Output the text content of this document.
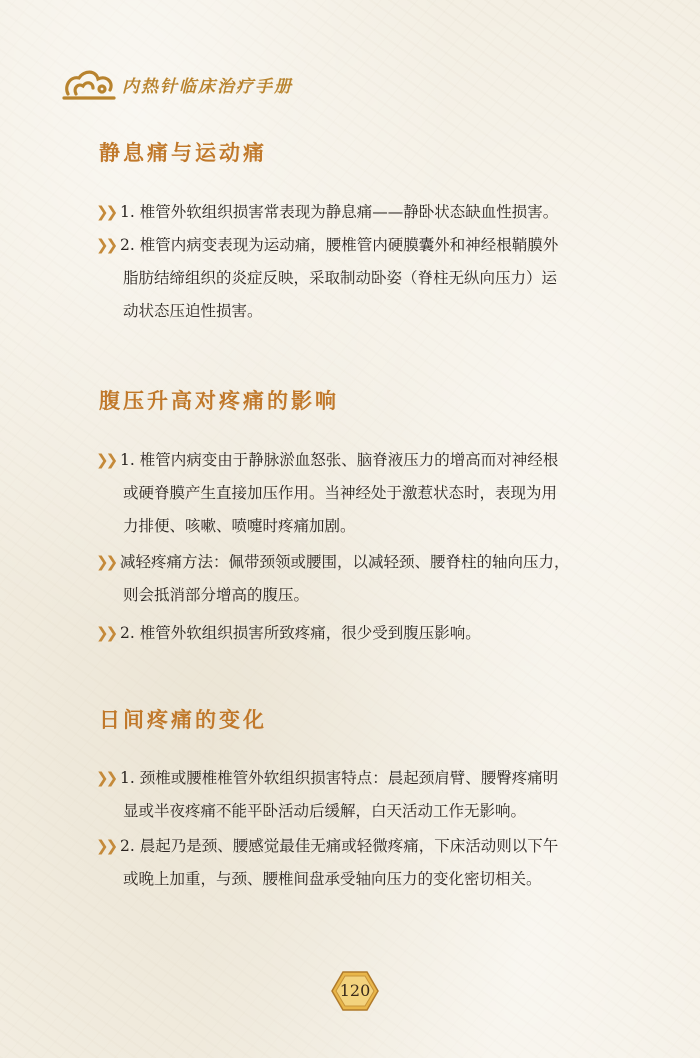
内热针临床治疗手册
静息痛与运动痛
❯❯ 1. 椎管外软组织损害常表现为静息痛——静卧状态缺血性损害。
❯❯ 2. 椎管内病变表现为运动痛，腰椎管内硬膜囊外和神经根鞘膜外
脂肪结缔组织的炎症反映，采取制动卧姿（脊柱无纵向压力）运
动状态压迫性损害。
腹压升高对疼痛的影响
❯❯ 1. 椎管内病变由于静脉淤血怒张、脑脊液压力的增高而对神经根
或硬脊膜产生直接加压作用。当神经处于激惹状态时，表现为用
力排便、咳嗽、喷嚏时疼痛加剧。
❯❯ 减轻疼痛方法：佩带颈领或腰围，以减轻颈、腰脊柱的轴向压力，
则会抵消部分增高的腹压。
❯❯ 2. 椎管外软组织损害所致疼痛，很少受到腹压影响。
日间疼痛的变化
❯❯ 1. 颈椎或腰椎椎管外软组织损害特点：晨起颈肩臂、腰臀疼痛明
显或半夜疼痛不能平卧活动后缓解，白天活动工作无影响。
❯❯ 2. 晨起乃是颈、腰感觉最佳无痛或轻微疼痛，下床活动则以下午
或晚上加重，与颈、腰椎间盘承受轴向压力的变化密切相关。
120
